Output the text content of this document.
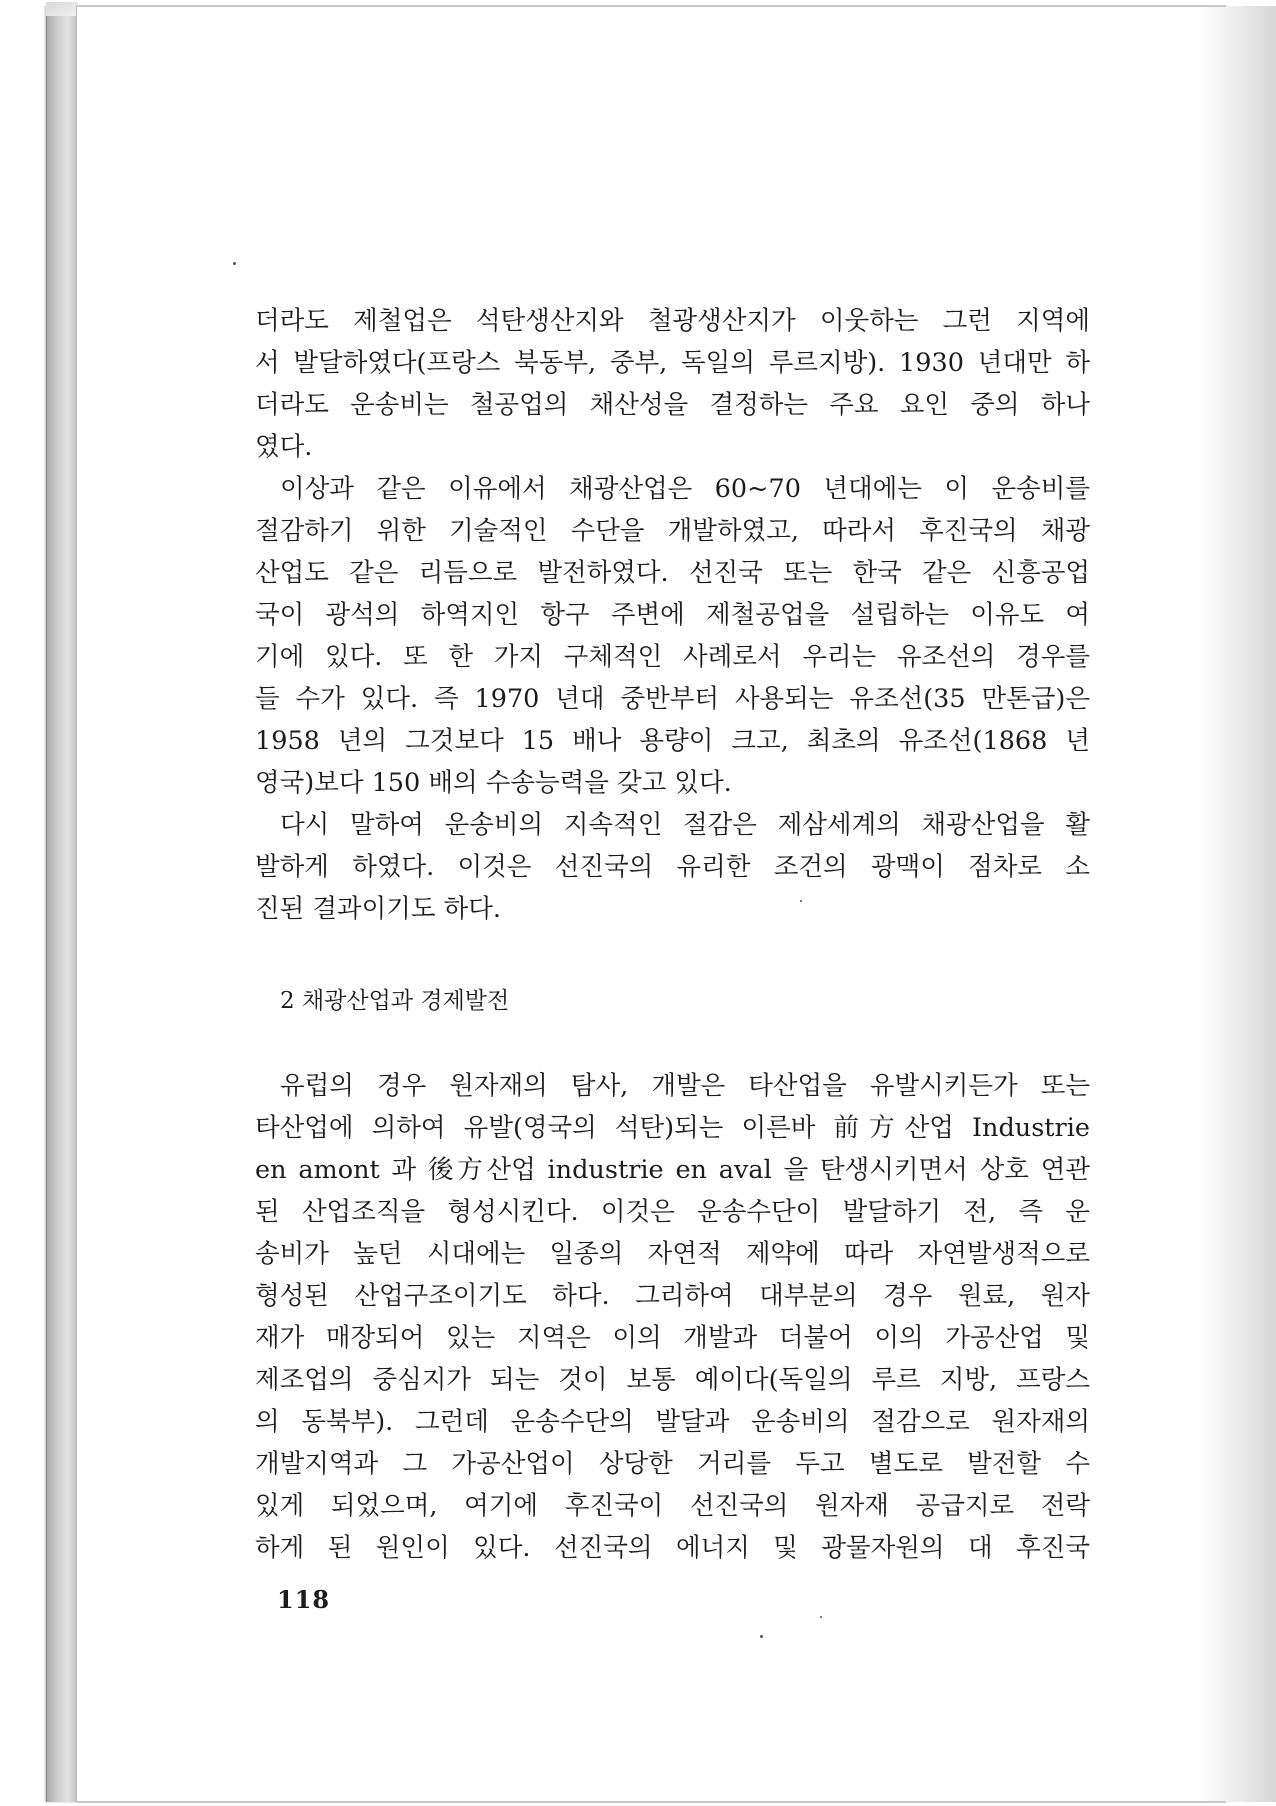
더라도 제철업은 석탄생산지와 철광생산지가 이웃하는 그런 지역에
서 발달하였다(프랑스 북동부, 중부, 독일의 루르지방). 1930 년대만 하
더라도 운송비는 철공업의 채산성을 결정하는 주요 요인 중의 하나
였다.
이상과 같은 이유에서 채광산업은 60~70 년대에는 이 운송비를
절감하기 위한 기술적인 수단을 개발하였고, 따라서 후진국의 채광
산업도 같은 리듬으로 발전하였다. 선진국 또는 한국 같은 신흥공업
국이 광석의 하역지인 항구 주변에 제철공업을 설립하는 이유도 여
기에 있다. 또 한 가지 구체적인 사례로서 우리는 유조선의 경우를
들 수가 있다. 즉 1970 년대 중반부터 사용되는 유조선(35 만톤급)은
1958 년의 그것보다 15 배나 용량이 크고, 최초의 유조선(1868 년
영국)보다 150 배의 수송능력을 갖고 있다.
다시 말하여 운송비의 지속적인 절감은 제삼세계의 채광산업을 활
발하게 하였다. 이것은 선진국의 유리한 조건의 광맥이 점차로 소
진된 결과이기도 하다.
2 채광산업과 경제발전
유럽의 경우 원자재의 탐사, 개발은 타산업을 유발시키든가 또는
타산업에 의하여 유발(영국의 석탄)되는 이른바 前方산업 Industrie
en amont 과 後方산업 industrie en aval 을 탄생시키면서 상호 연관
된 산업조직을 형성시킨다. 이것은 운송수단이 발달하기 전, 즉 운
송비가 높던 시대에는 일종의 자연적 제약에 따라 자연발생적으로
형성된 산업구조이기도 하다. 그리하여 대부분의 경우 원료, 원자
재가 매장되어 있는 지역은 이의 개발과 더불어 이의 가공산업 및
제조업의 중심지가 되는 것이 보통 예이다(독일의 루르 지방, 프랑스
의 동북부). 그런데 운송수단의 발달과 운송비의 절감으로 원자재의
개발지역과 그 가공산업이 상당한 거리를 두고 별도로 발전할 수
있게 되었으며, 여기에 후진국이 선진국의 원자재 공급지로 전락
하게 된 원인이 있다. 선진국의 에너지 및 광물자원의 대 후진국
118
